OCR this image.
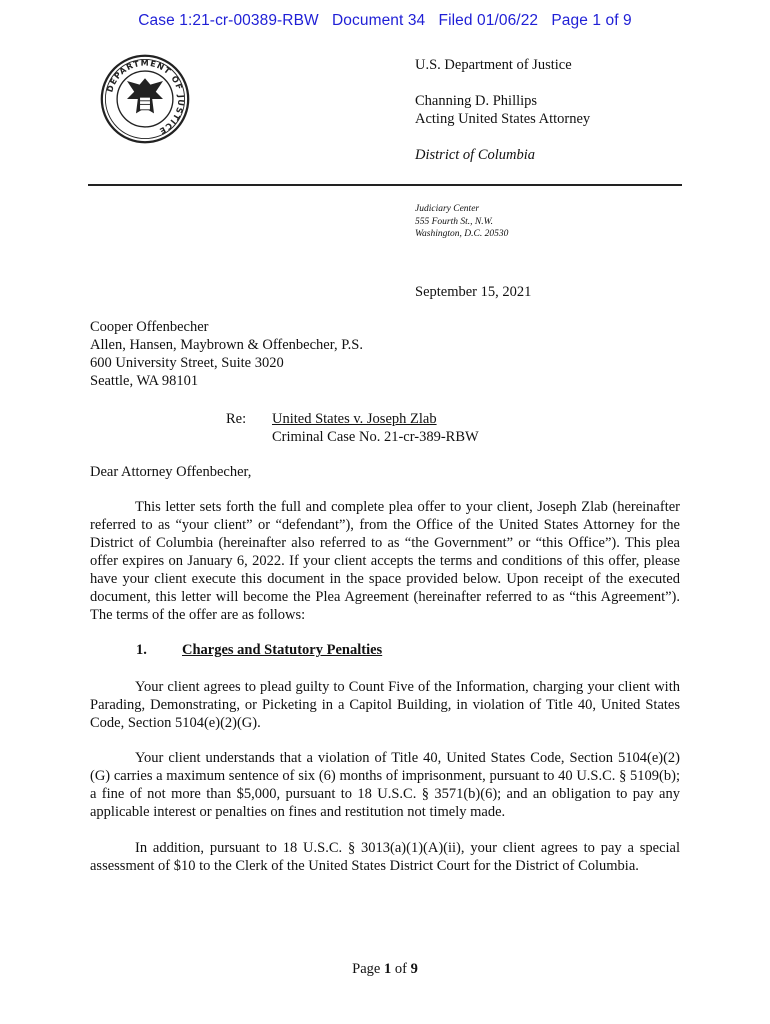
Case 1:21-cr-00389-RBW   Document 34   Filed 01/06/22   Page 1 of 9
DEPARTMENT OF JUSTICE
U.S. Department of Justice
Channing D. Phillips
Acting United States Attorney
District of Columbia
Judiciary Center
555 Fourth St., N.W.
Washington, D.C. 20530
September 15, 2021
Cooper Offenbecher
Allen, Hansen, Maybrown & Offenbecher, P.S.
600 University Street, Suite 3020
Seattle, WA 98101
Re: United States v. Joseph Zlab
Criminal Case No. 21-cr-389-RBW
Dear Attorney Offenbecher,
This letter sets forth the full and complete plea offer to your client, Joseph Zlab (hereinafter referred to as “your client” or “defendant”), from the Office of the United States Attorney for the District of Columbia (hereinafter also referred to as “the Government” or “this Office”). This plea offer expires on January 6, 2022. If your client accepts the terms and conditions of this offer, please have your client execute this document in the space provided below. Upon receipt of the executed document, this letter will become the Plea Agreement (hereinafter referred to as “this Agreement”). The terms of the offer are as follows:
1. Charges and Statutory Penalties
Your client agrees to plead guilty to Count Five of the Information, charging your client with Parading, Demonstrating, or Picketing in a Capitol Building, in violation of Title 40, United States Code, Section 5104(e)(2)(G).
Your client understands that a violation of Title 40, United States Code, Section 5104(e)(2)(G) carries a maximum sentence of six (6) months of imprisonment, pursuant to 40 U.S.C. § 5109(b); a fine of not more than $5,000, pursuant to 18 U.S.C. § 3571(b)(6); and an obligation to pay any applicable interest or penalties on fines and restitution not timely made.
In addition, pursuant to 18 U.S.C. § 3013(a)(1)(A)(ii), your client agrees to pay a special assessment of $10 to the Clerk of the United States District Court for the District of Columbia.
Page 1 of 9
